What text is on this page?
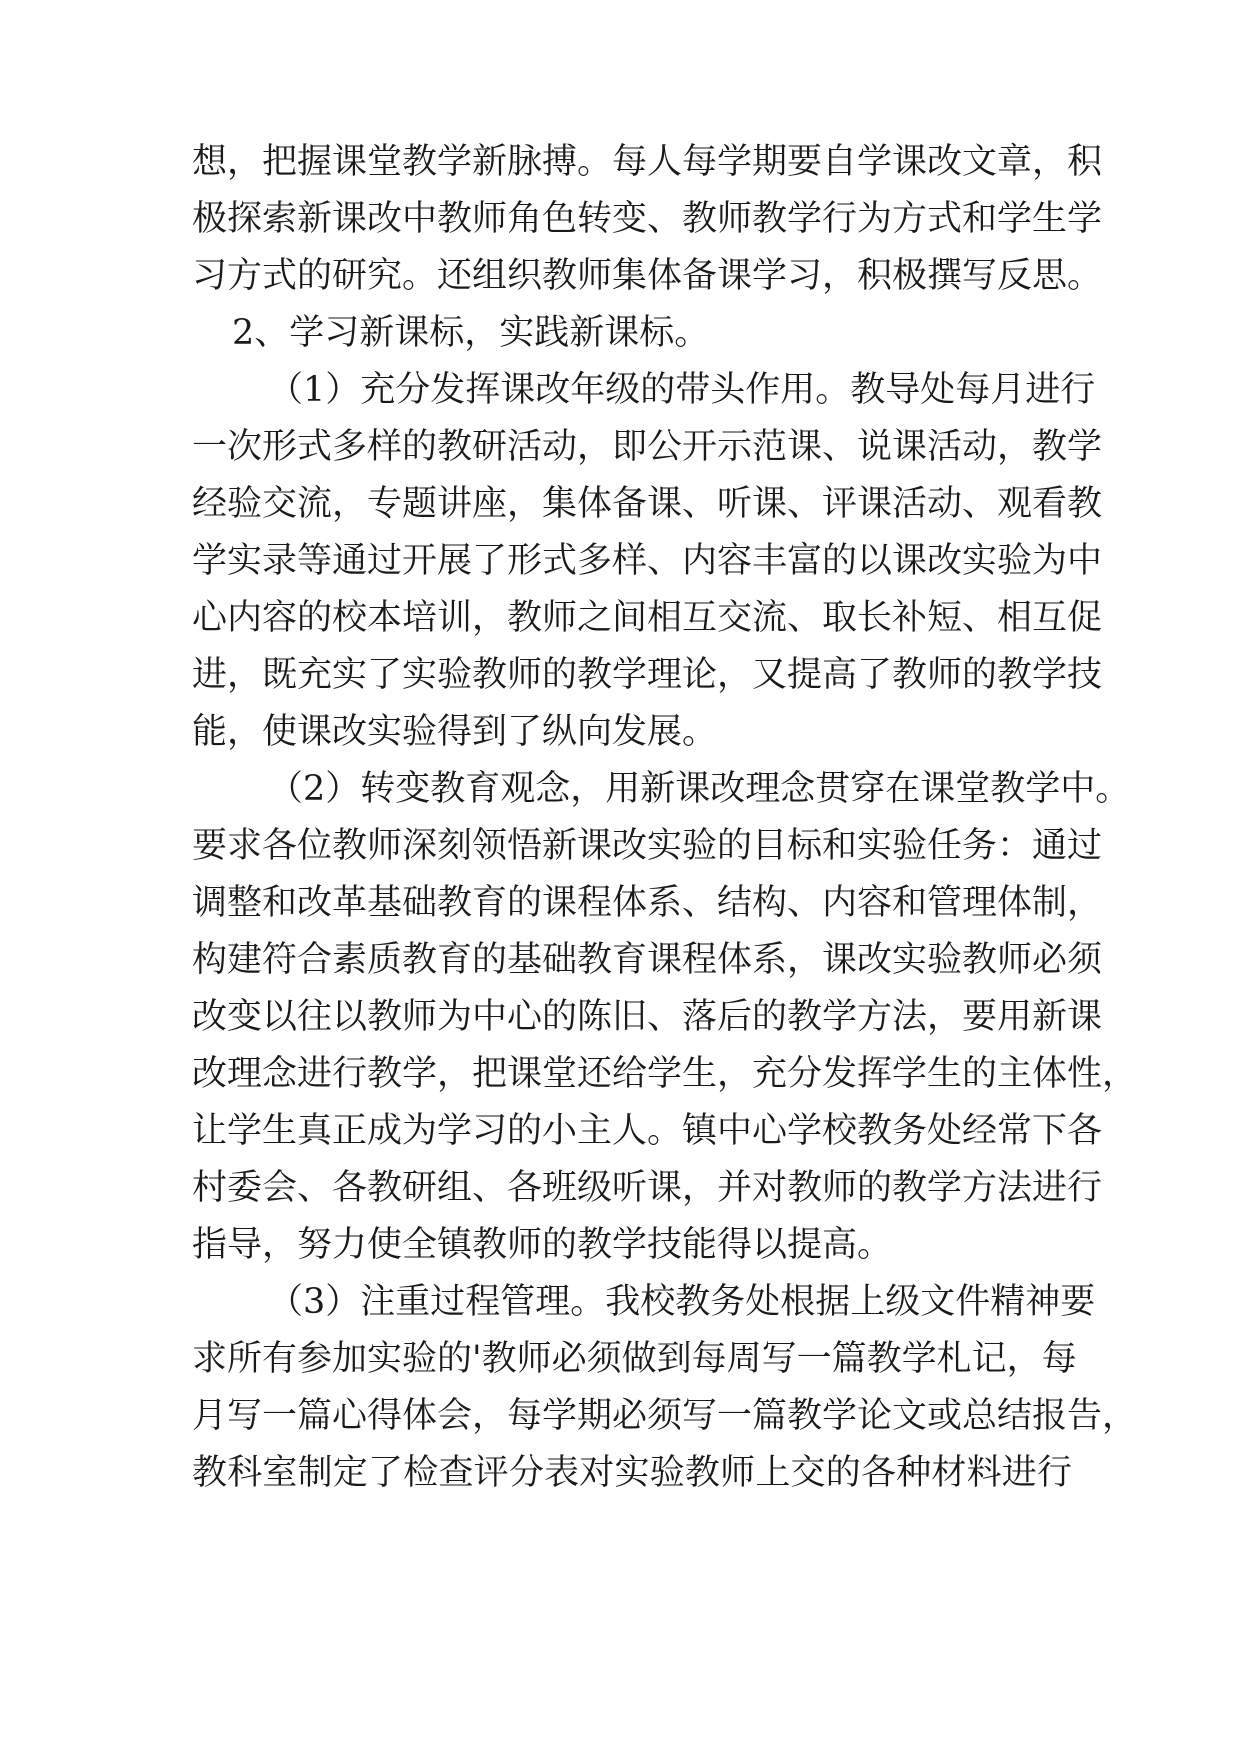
想，把握课堂教学新脉搏。每人每学期要自学课改文章，积
极探索新课改中教师角色转变、教师教学行为方式和学生学
习方式的研究。还组织教师集体备课学习，积极撰写反思。
2、学习新课标，实践新课标。
（1）充分发挥课改年级的带头作用。教导处每月进行
一次形式多样的教研活动，即公开示范课、说课活动，教学
经验交流，专题讲座，集体备课、听课、评课活动、观看教
学实录等通过开展了形式多样、内容丰富的以课改实验为中
心内容的校本培训，教师之间相互交流、取长补短、相互促
进，既充实了实验教师的教学理论，又提高了教师的教学技
能，使课改实验得到了纵向发展。
（2）转变教育观念，用新课改理念贯穿在课堂教学中。
要求各位教师深刻领悟新课改实验的目标和实验任务：通过
调整和改革基础教育的课程体系、结构、内容和管理体制，
构建符合素质教育的基础教育课程体系，课改实验教师必须
改变以往以教师为中心的陈旧、落后的教学方法，要用新课
改理念进行教学，把课堂还给学生，充分发挥学生的主体性，
让学生真正成为学习的小主人。镇中心学校教务处经常下各
村委会、各教研组、各班级听课，并对教师的教学方法进行
指导，努力使全镇教师的教学技能得以提高。
（3）注重过程管理。我校教务处根据上级文件精神要
求所有参加实验的'教师必须做到每周写一篇教学札记，每
月写一篇心得体会，每学期必须写一篇教学论文或总结报告，
教科室制定了检查评分表对实验教师上交的各种材料进行
